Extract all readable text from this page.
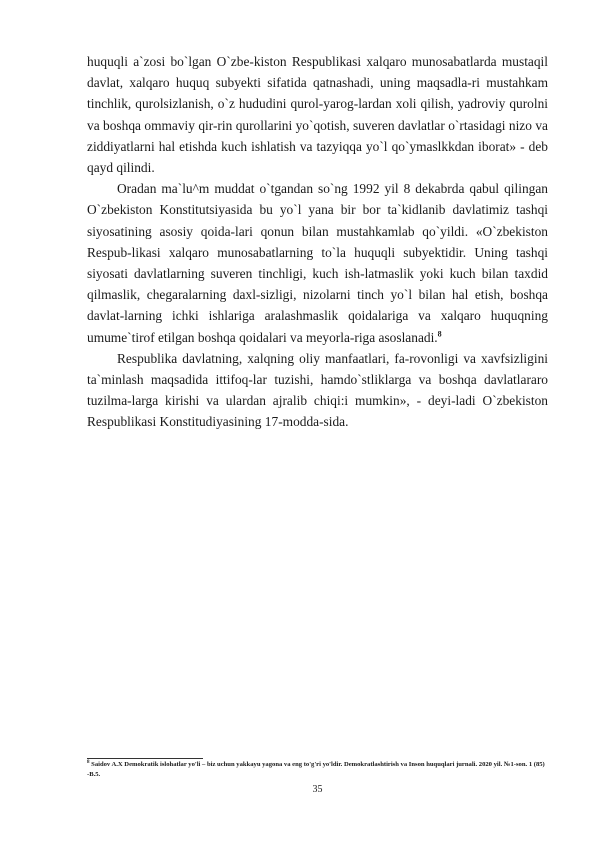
huquqli a`zosi bo`lgan O`zbe-kiston Respublikasi xalqaro munosabatlarda mustaqil davlat, xalqaro huquq subyekti sifatida qatnashadi, uning maqsadla-ri mustahkam tinchlik, qurolsizlanish, o`z hududini qurol-yarog-lardan xoli qilish, yadroviy qurolni va boshqa ommaviy qir-rin qurollarini yo`qotish, suveren davlatlar o`rtasidagi nizo va ziddiyatlarni hal etishda kuch ishlatish va tazyiqqa yo`l qo`ymaslkkdan iborat» - deb qayd qilindi.

Oradan ma`lu^m muddat o`tgandan so`ng 1992 yil 8 dekabrda qabul qilingan O`zbekiston Konstitutsiyasida bu yo`l yana bir bor ta`kidlanib davlatimiz tashqi siyosatining asosiy qoida-lari qonun bilan mustahkamlab qo`yildi. «O`zbekiston Respub-likasi xalqaro munosabatlarning to`la huquqli subyektidir. Uning tashqi siyosati davlatlarning suveren tinchligi, kuch ish-latmaslik yoki kuch bilan taxdid qilmaslik, chegaralarning daxl-sizligi, nizolarni tinch yo`l bilan hal etish, boshqa davlat-larning ichki ishlariga aralashmaslik qoidalariga va xalqaro huquqning umume`tirof etilgan boshqa qoidalari va meyorla-riga asoslanadi.$^8$

Respublika davlatning, xalqning oliy manfaatlari, fa-rovonligi va xavfsizligini ta`minlash maqsadida ittifoq-lar tuzishi, hamdo`stliklarga va boshqa davlatlararo tuzilma-larga kirishi va ulardan ajralib chiqi:i mumkin», - deyi-ladi O`zbekiston Respublikasi Konstitudiyasining 17-modda-sida.

$^8$ Saidov A.X Demokratik islohatlar yo'li – biz uchun yakkayu yagona va eng to'g'ri yo'ldir. Demokratlashtirish va Inson huquqlari jurnali. 2020 yil. №1-son. 1 (85) -B.5.
35
